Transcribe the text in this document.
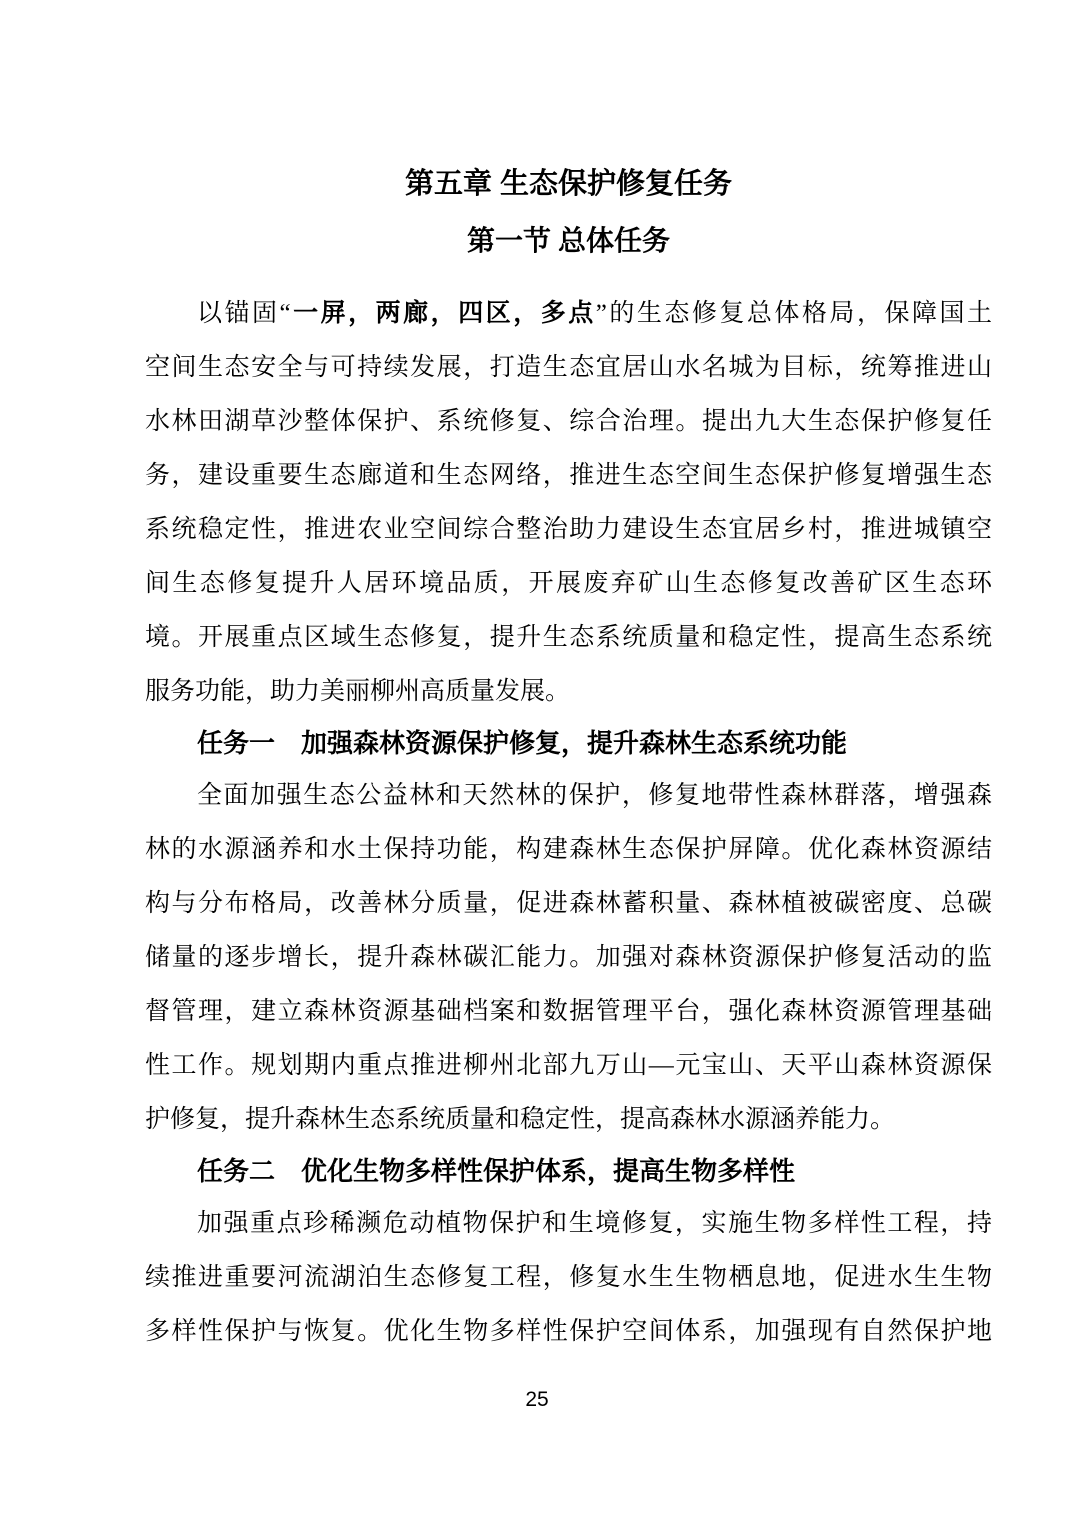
第五章 生态保护修复任务
第一节 总体任务
以锚固“一屏，两廊，四区，多点”的生态修复总体格局，保障国土
空间生态安全与可持续发展，打造生态宜居山水名城为目标，统筹推进山
水林田湖草沙整体保护、系统修复、综合治理。提出九大生态保护修复任
务，建设重要生态廊道和生态网络，推进生态空间生态保护修复增强生态
系统稳定性，推进农业空间综合整治助力建设生态宜居乡村，推进城镇空
间生态修复提升人居环境品质，开展废弃矿山生态修复改善矿区生态环
境。开展重点区域生态修复，提升生态系统质量和稳定性，提高生态系统
服务功能，助力美丽柳州高质量发展。
任务一　加强森林资源保护修复，提升森林生态系统功能
全面加强生态公益林和天然林的保护，修复地带性森林群落，增强森
林的水源涵养和水土保持功能，构建森林生态保护屏障。优化森林资源结
构与分布格局，改善林分质量，促进森林蓄积量、森林植被碳密度、总碳
储量的逐步增长，提升森林碳汇能力。加强对森林资源保护修复活动的监
督管理，建立森林资源基础档案和数据管理平台，强化森林资源管理基础
性工作。规划期内重点推进柳州北部九万山—元宝山、天平山森林资源保
护修复，提升森林生态系统质量和稳定性，提高森林水源涵养能力。
任务二　优化生物多样性保护体系，提高生物多样性
加强重点珍稀濒危动植物保护和生境修复，实施生物多样性工程，持
续推进重要河流湖泊生态修复工程，修复水生生物栖息地，促进水生生物
多样性保护与恢复。优化生物多样性保护空间体系，加强现有自然保护地
25
